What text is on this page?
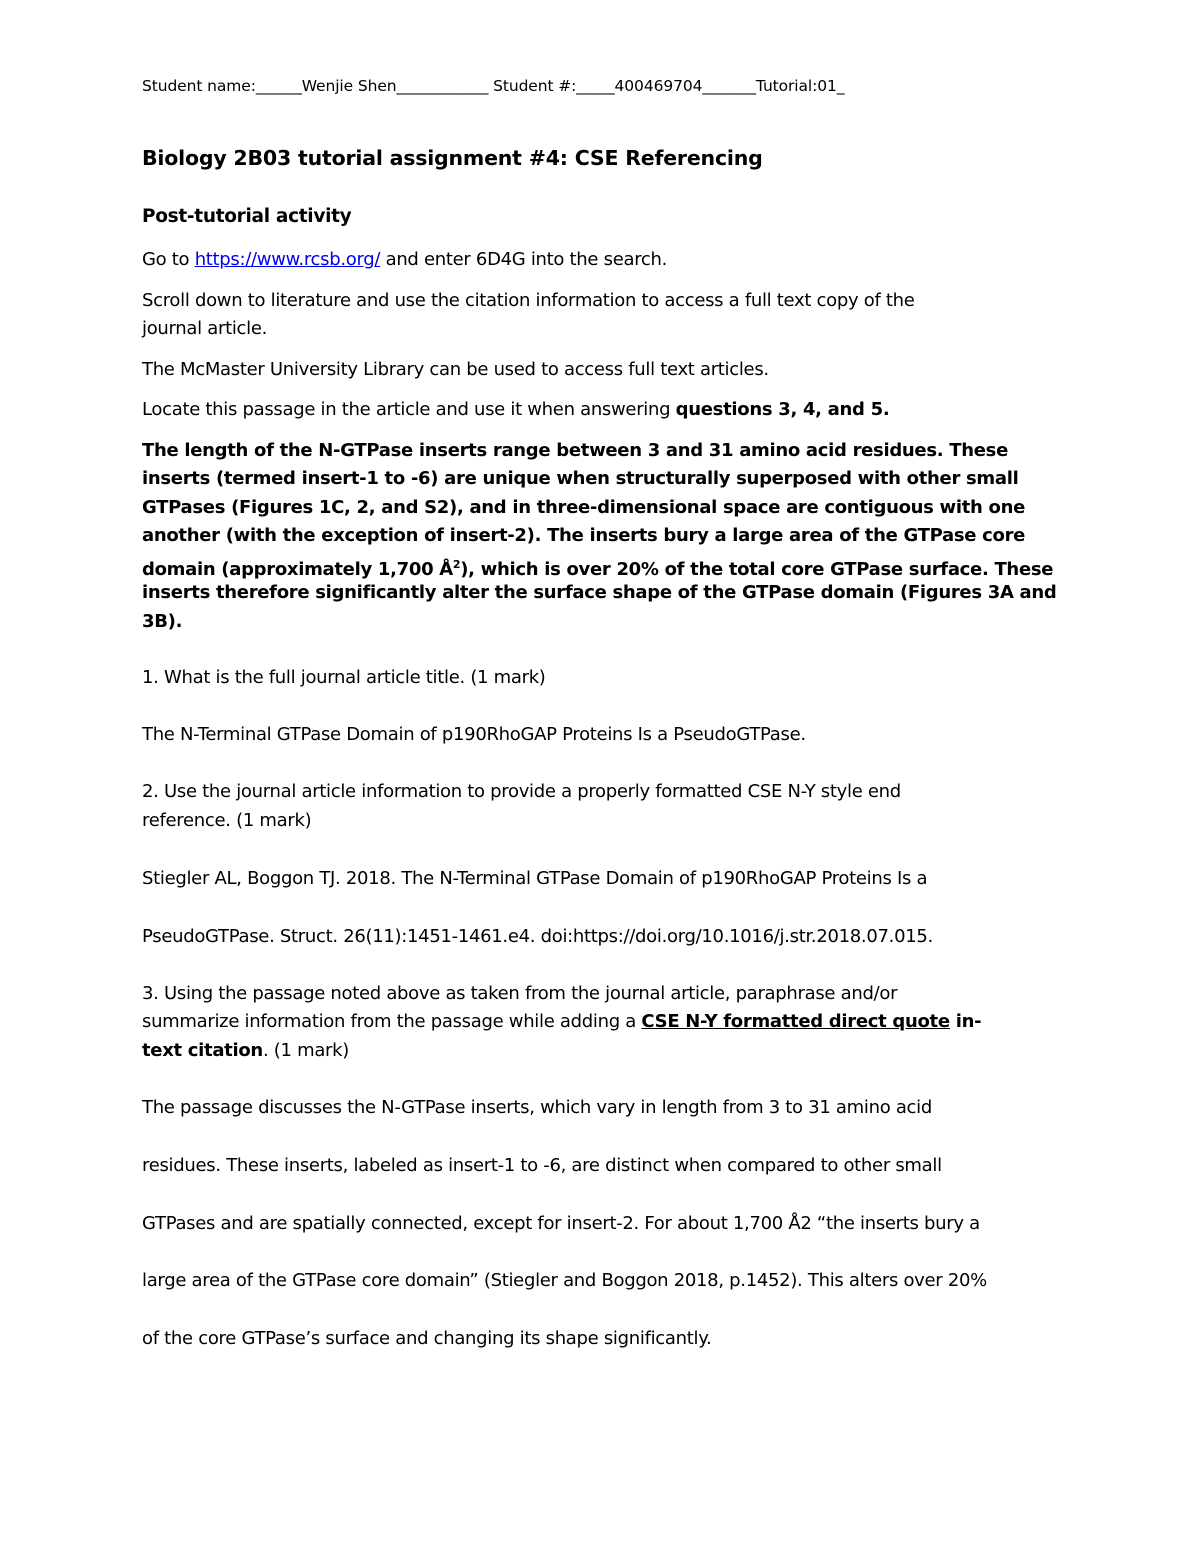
Student name:______Wenjie Shen____________ Student #:_____400469704_______Tutorial:01_
Biology 2B03 tutorial assignment #4: CSE Referencing
Post-tutorial activity
Go to https://www.rcsb.org/ and enter 6D4G into the search.
Scroll down to literature and use the citation information to access a full text copy of the
journal article.
The McMaster University Library can be used to access full text articles.
Locate this passage in the article and use it when answering questions 3, 4, and 5.
The length of the N-GTPase inserts range between 3 and 31 amino acid residues. These
inserts (termed insert-1 to -6) are unique when structurally superposed with other small
GTPases (Figures 1C, 2, and S2), and in three-dimensional space are contiguous with one
another (with the exception of insert-2). The inserts bury a large area of the GTPase core
domain (approximately 1,700 $Å^2$), which is over 20% of the total core GTPase surface. These
inserts therefore significantly alter the surface shape of the GTPase domain (Figures 3A and
3B).
1. What is the full journal article title. (1 mark)
The N-Terminal GTPase Domain of p190RhoGAP Proteins Is a PseudoGTPase.
2. Use the journal article information to provide a properly formatted CSE N-Y style end
reference. (1 mark)
Stiegler AL, Boggon TJ. 2018. The N-Terminal GTPase Domain of p190RhoGAP Proteins Is a
PseudoGTPase. Struct. 26(11):1451-1461.e4. doi:https://doi.org/10.1016/j.str.2018.07.015.
3. Using the passage noted above as taken from the journal article, paraphrase and/or
summarize information from the passage while adding a CSE N-Y formatted direct quote in-
text citation. (1 mark)
The passage discusses the N-GTPase inserts, which vary in length from 3 to 31 amino acid
residues. These inserts, labeled as insert-1 to -6, are distinct when compared to other small
GTPases and are spatially connected, except for insert-2. For about 1,700 Å2 “the inserts bury a
large area of the GTPase core domain” (Stiegler and Boggon 2018, p.1452). This alters over 20%
of the core GTPase’s surface and changing its shape significantly.
